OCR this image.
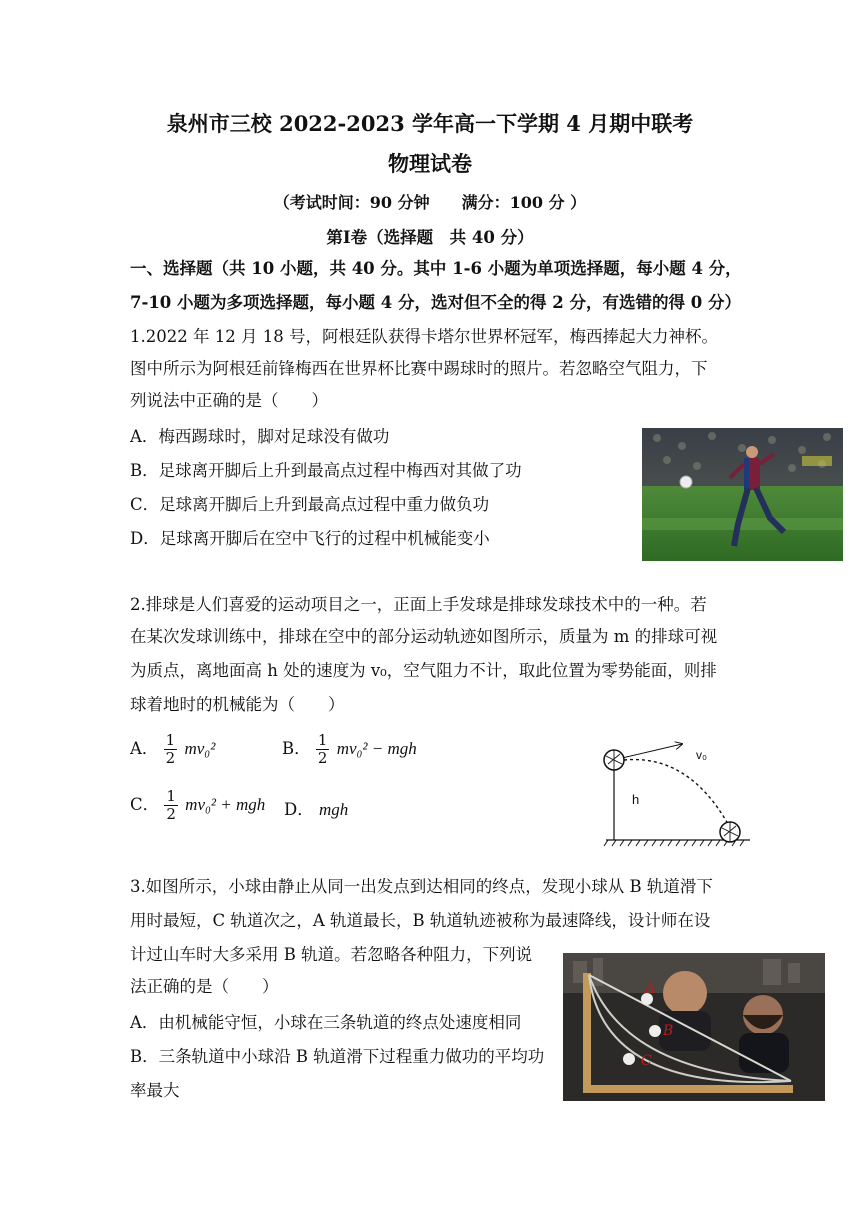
泉州市三校 2022-2023 学年高一下学期 4 月期中联考
物理试卷
（考试时间：90 分钟　　满分：100 分 ）
第Ⅰ卷（选择题　共 40 分）
一、选择题（共 10 小题，共 40 分。其中 1-6 小题为单项选择题，每小题 4 分，
7-10 小题为多项选择题，每小题 4 分，选对但不全的得 2 分，有选错的得 0 分）
1.2022 年 12 月 18 号，阿根廷队获得卡塔尔世界杯冠军，梅西捧起大力神杯。
图中所示为阿根廷前锋梅西在世界杯比赛中踢球时的照片。若忽略空气阻力，下
列说法中正确的是（　　）
A．梅西踢球时，脚对足球没有做功
B．足球离开脚后上升到最高点过程中梅西对其做了功
C．足球离开脚后上升到最高点过程中重力做负功
D．足球离开脚后在空中飞行的过程中机械能变小
2.排球是人们喜爱的运动项目之一，正面上手发球是排球发球技术中的一种。若
在某次发球训练中，排球在空中的部分运动轨迹如图所示，质量为 m 的排球可视
为质点，离地面高 h 处的速度为 v₀，空气阻力不计，取此位置为零势能面，则排
球着地时的机械能为（　　）
A． $\frac{1}{2} mv_0^2$	B． $\frac{1}{2} mv_0^2$ − mgh
C． $\frac{1}{2} mv_0^2$ + mgh D． mgh
v₀
h
3.如图所示，小球由静止从同一出发点到达相同的终点，发现小球从 B 轨道滑下
用时最短，C 轨道次之，A 轨道最长，B 轨道轨迹被称为最速降线，设计师在设
计过山车时大多采用 B 轨道。若忽略各种阻力，下列说
法正确的是（　　）
A．由机械能守恒，小球在三条轨道的终点处速度相同
B．三条轨道中小球沿 B 轨道滑下过程重力做功的平均功
率最大
A
B
C
